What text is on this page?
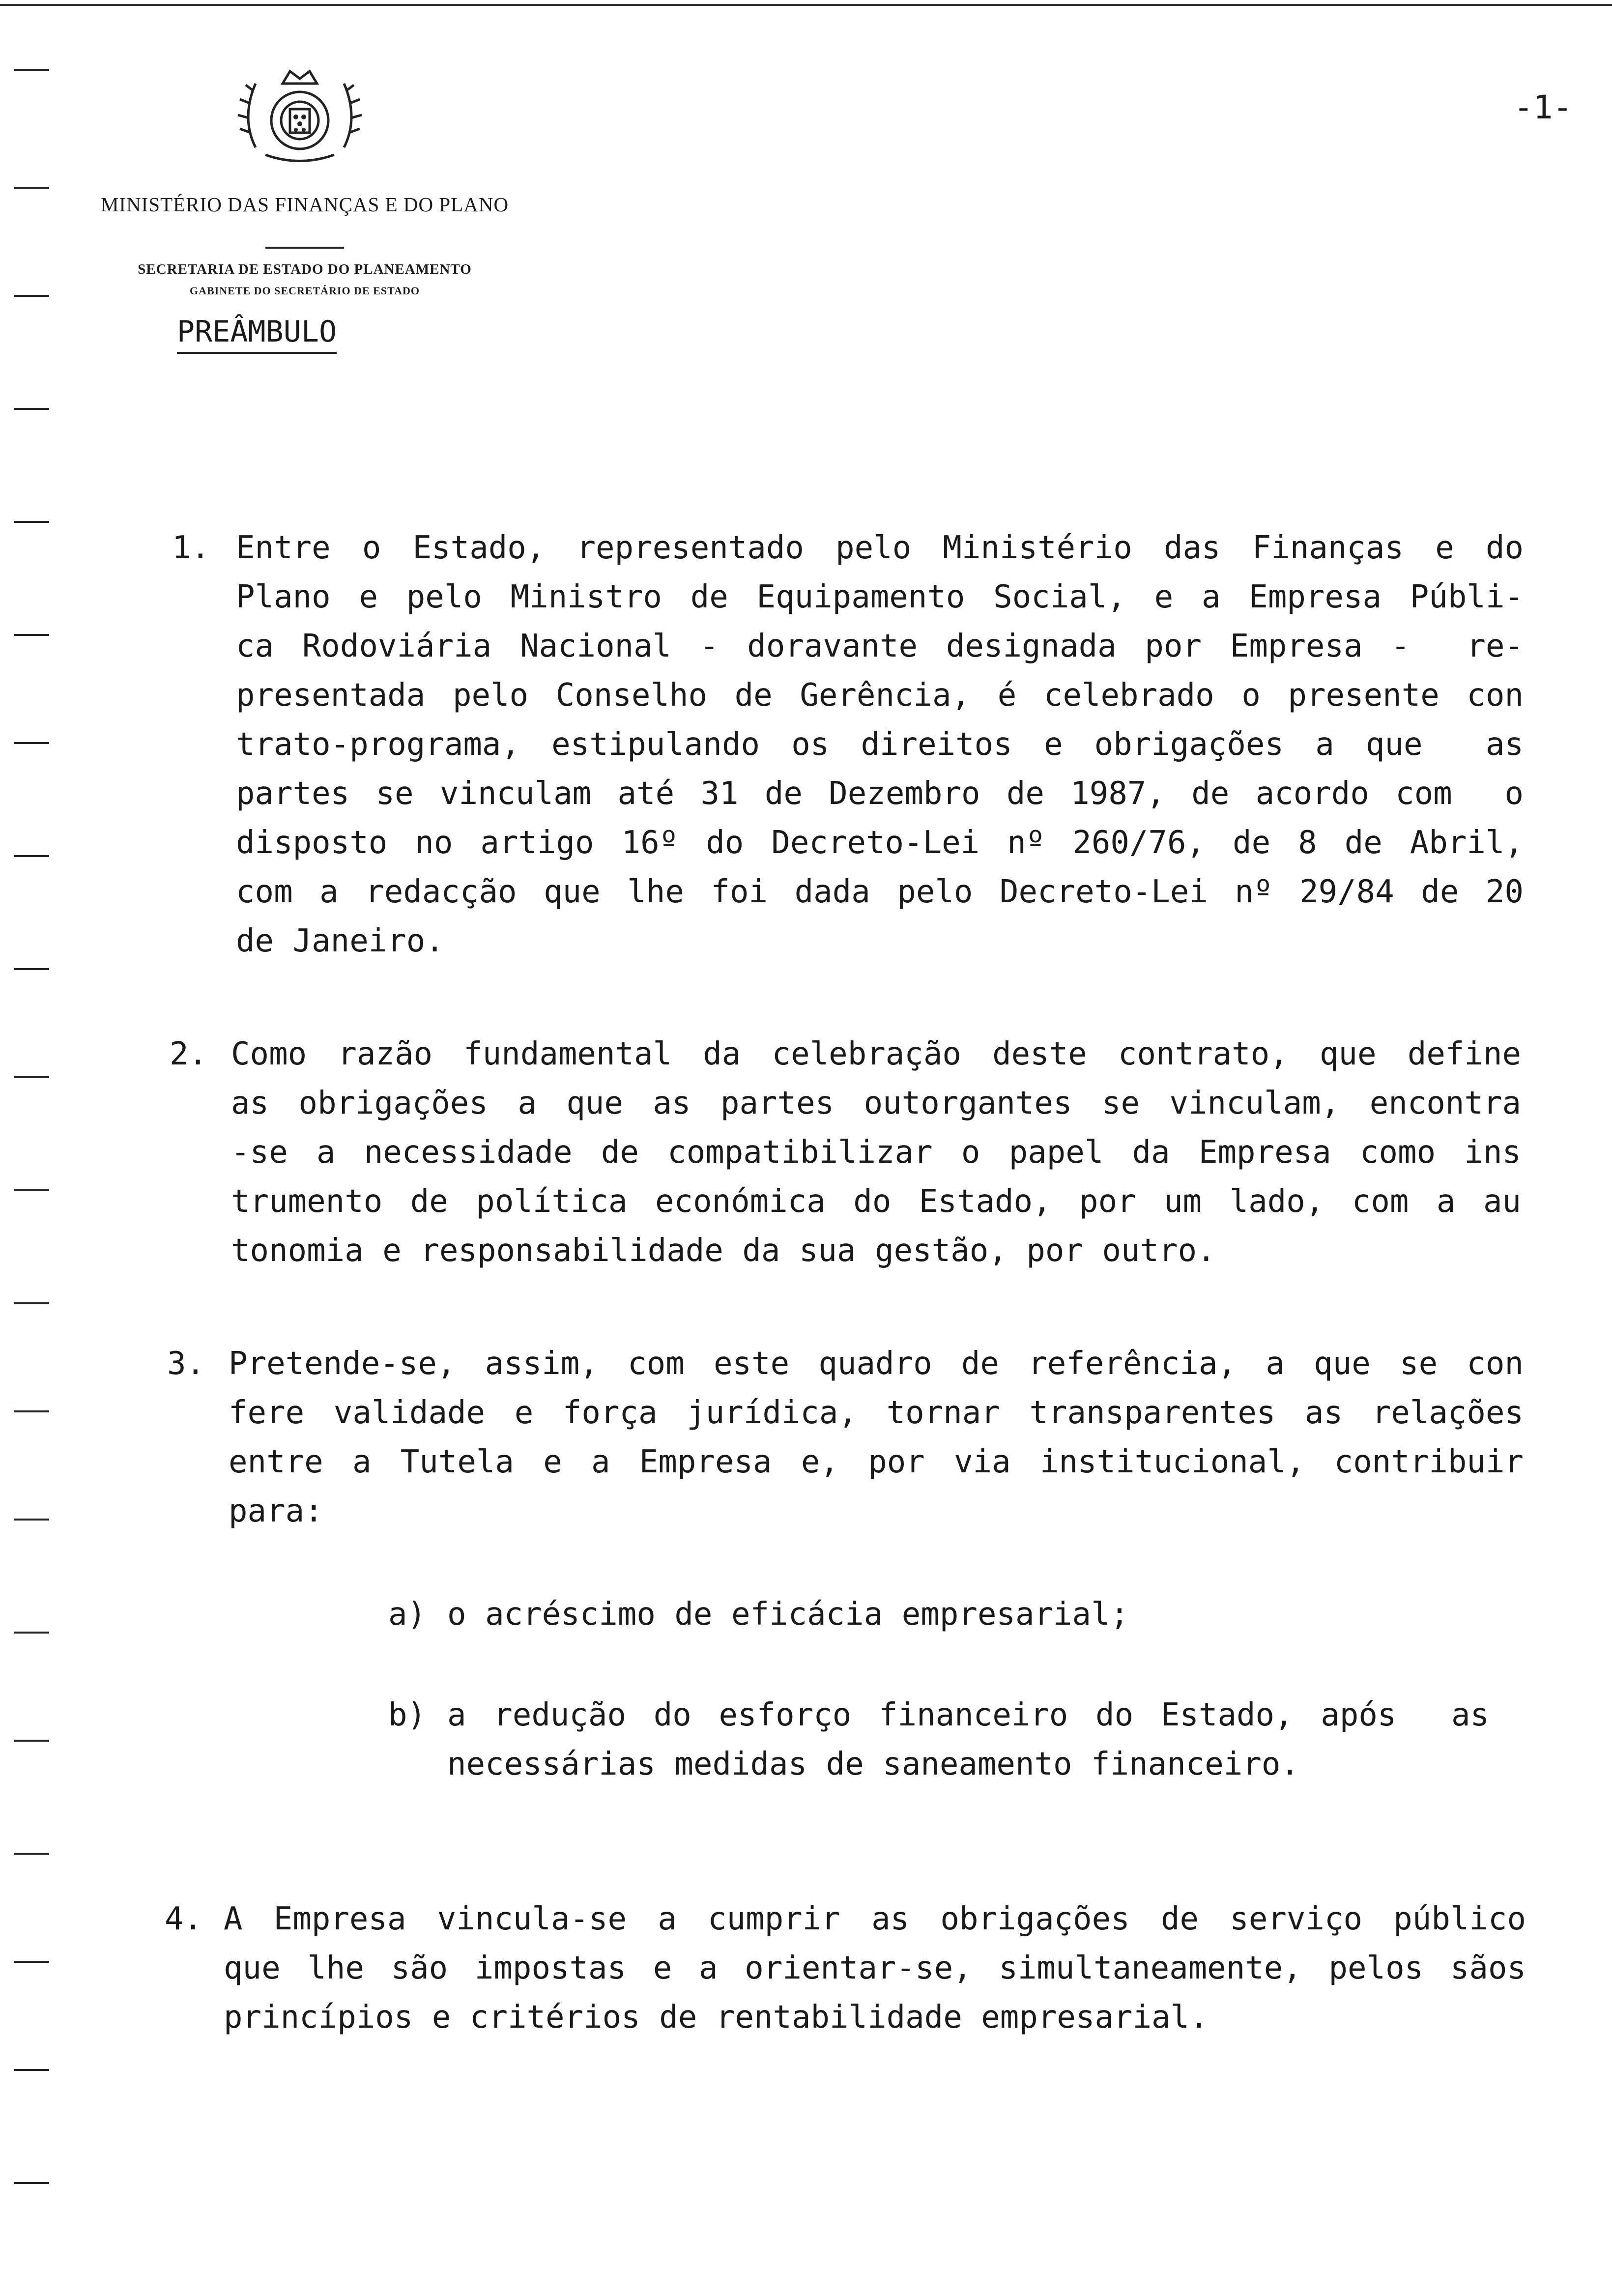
MINISTÉRIO DAS FINANÇAS E DO PLANO
SECRETARIA DE ESTADO DO PLANEAMENTO
GABINETE DO SECRETÁRIO DE ESTADO
-1-
PREÂMBULO
1. Entre o Estado, representado pelo Ministério das Finanças e do
Plano e pelo Ministro de Equipamento Social, e a Empresa Públi-
ca Rodoviária Nacional - doravante designada por Empresa -  re-
presentada pelo Conselho de Gerência, é celebrado o presente con
trato-programa, estipulando os direitos e obrigações a que  as
partes se vinculam até 31 de Dezembro de 1987, de acordo com  o
disposto no artigo 16º do Decreto-Lei nº 260/76, de 8 de Abril,
com a redacção que lhe foi dada pelo Decreto-Lei nº 29/84 de 20
de Janeiro.
2. Como razão fundamental da celebração deste contrato, que define
as obrigações a que as partes outorgantes se vinculam, encontra
-se a necessidade de compatibilizar o papel da Empresa como ins
trumento de política económica do Estado, por um lado, com a au
tonomia e responsabilidade da sua gestão, por outro.
3. Pretende-se, assim, com este quadro de referência, a que se con
fere validade e força jurídica, tornar transparentes as relações
entre a Tutela e a Empresa e, por via institucional, contribuir
para:
a) o acréscimo de eficácia empresarial;
b) a redução do esforço financeiro do Estado, após  as
necessárias medidas de saneamento financeiro.
4. A Empresa vincula-se a cumprir as obrigações de serviço público
que lhe são impostas e a orientar-se, simultaneamente, pelos sãos
princípios e critérios de rentabilidade empresarial.
